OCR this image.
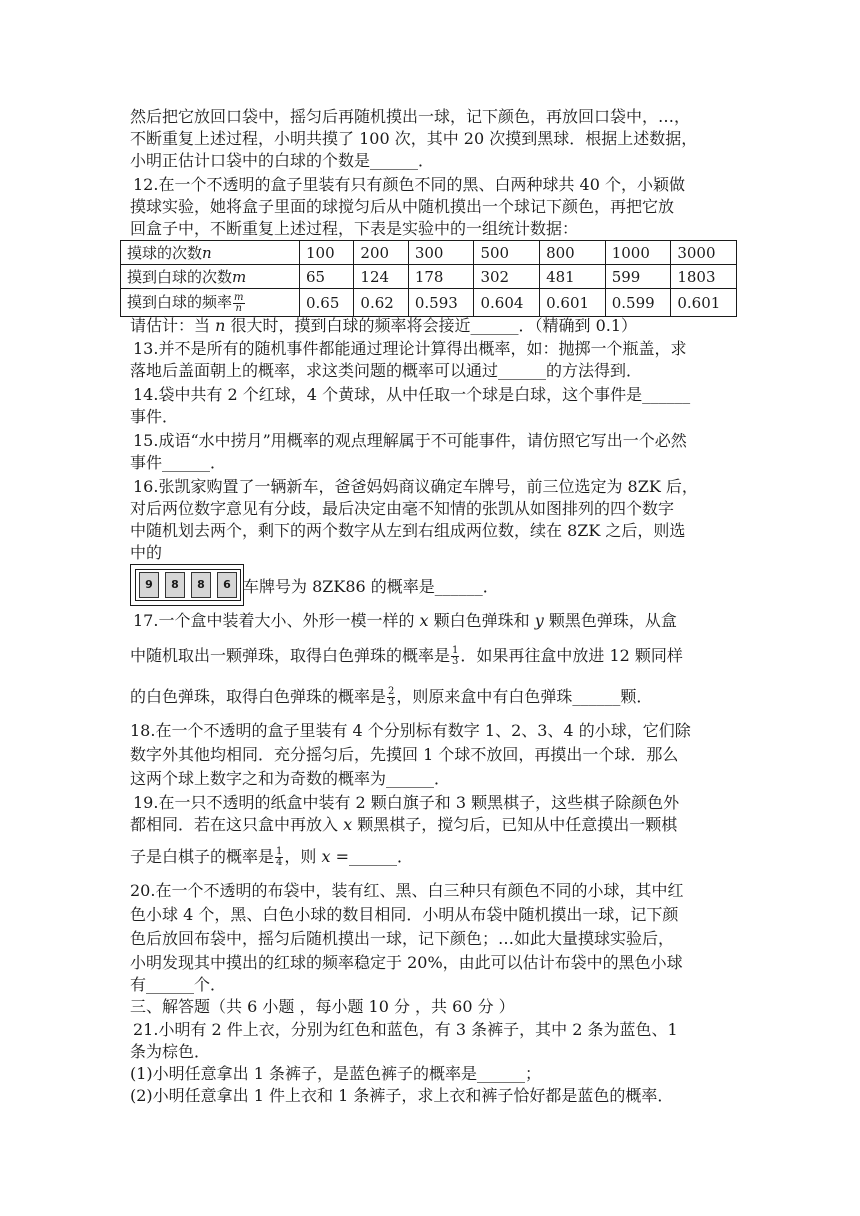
然后把它放回口袋中，摇匀后再随机摸出一球，记下颜色，再放回口袋中，…，
不断重复上述过程，小明共摸了 100 次，其中 20 次摸到黑球．根据上述数据，
小明正估计口袋中的白球的个数是______．
12.在一个不透明的盒子里装有只有颜色不同的黑、白两种球共 40 个，小颖做
摸球实验，她将盒子里面的球搅匀后从中随机摸出一个球记下颜色，再把它放
回盒子中，不断重复上述过程，下表是实验中的一组统计数据：
摸球的次数n	100	200	300	500	800	1000	3000
摸到白球的次数m	65	124	178	302	481	599	1803
摸到白球的频率 $\frac{m}{n}$	0.65	0.62	0.593	0.604	0.601	0.599	0.601
请估计：当 n 很大时，摸到白球的频率将会接近______．（精确到 0.1）
13.并不是所有的随机事件都能通过理论计算得出概率，如：抛掷一个瓶盖，求
落地后盖面朝上的概率，求这类问题的概率可以通过______的方法得到．
14.袋中共有 2 个红球，4 个黄球，从中任取一个球是白球，这个事件是______
事件．
15.成语“水中捞月”用概率的观点理解属于不可能事件，请仿照它写出一个必然
事件______．
16.张凯家购置了一辆新车，爸爸妈妈商议确定车牌号，前三位选定为 8ZK 后，
对后两位数字意见有分歧，最后决定由毫不知情的张凯从如图排列的四个数字
中随机划去两个，剩下的两个数字从左到右组成两位数，续在 8ZK 之后，则选
中的
9	8	8	6 车牌号为 8ZK86 的概率是______．
17.一个盒中装着大小、外形一模一样的 x 颗白色弹珠和 y 颗黑色弹珠，从盒
中随机取出一颗弹珠，取得白色弹珠的概率是 $\frac{1}{3}$ ．如果再往盒中放进 12 颗同样
的白色弹珠，取得白色弹珠的概率是 $\frac{2}{3}$ ，则原来盒中有白色弹珠______颗．
18.在一个不透明的盒子里装有 4 个分别标有数字 1、2、3、4 的小球，它们除
数字外其他均相同．充分摇匀后，先摸回 1 个球不放回，再摸出一个球．那么
这两个球上数字之和为奇数的概率为______．
19.在一只不透明的纸盒中装有 2 颗白旗子和 3 颗黑棋子，这些棋子除颜色外
都相同．若在这只盒中再放入 x 颗黑棋子，搅匀后，已知从中任意摸出一颗棋
子是白棋子的概率是 $\frac{1}{4}$ ，则 x =______．
20.在一个不透明的布袋中，装有红、黑、白三种只有颜色不同的小球，其中红
色小球 4 个，黑、白色小球的数目相同．小明从布袋中随机摸出一球，记下颜
色后放回布袋中，摇匀后随机摸出一球，记下颜色；…如此大量摸球实验后，
小明发现其中摸出的红球的频率稳定于 20%，由此可以估计布袋中的黑色小球
有______个．
三、解答题（共 6 小题 ，每小题 10 分 ，共 60 分 ）
21.小明有 2 件上衣，分别为红色和蓝色，有 3 条裤子，其中 2 条为蓝色、1
条为棕色．
(1)小明任意拿出 1 条裤子，是蓝色裤子的概率是______；
(2)小明任意拿出 1 件上衣和 1 条裤子，求上衣和裤子恰好都是蓝色的概率．
